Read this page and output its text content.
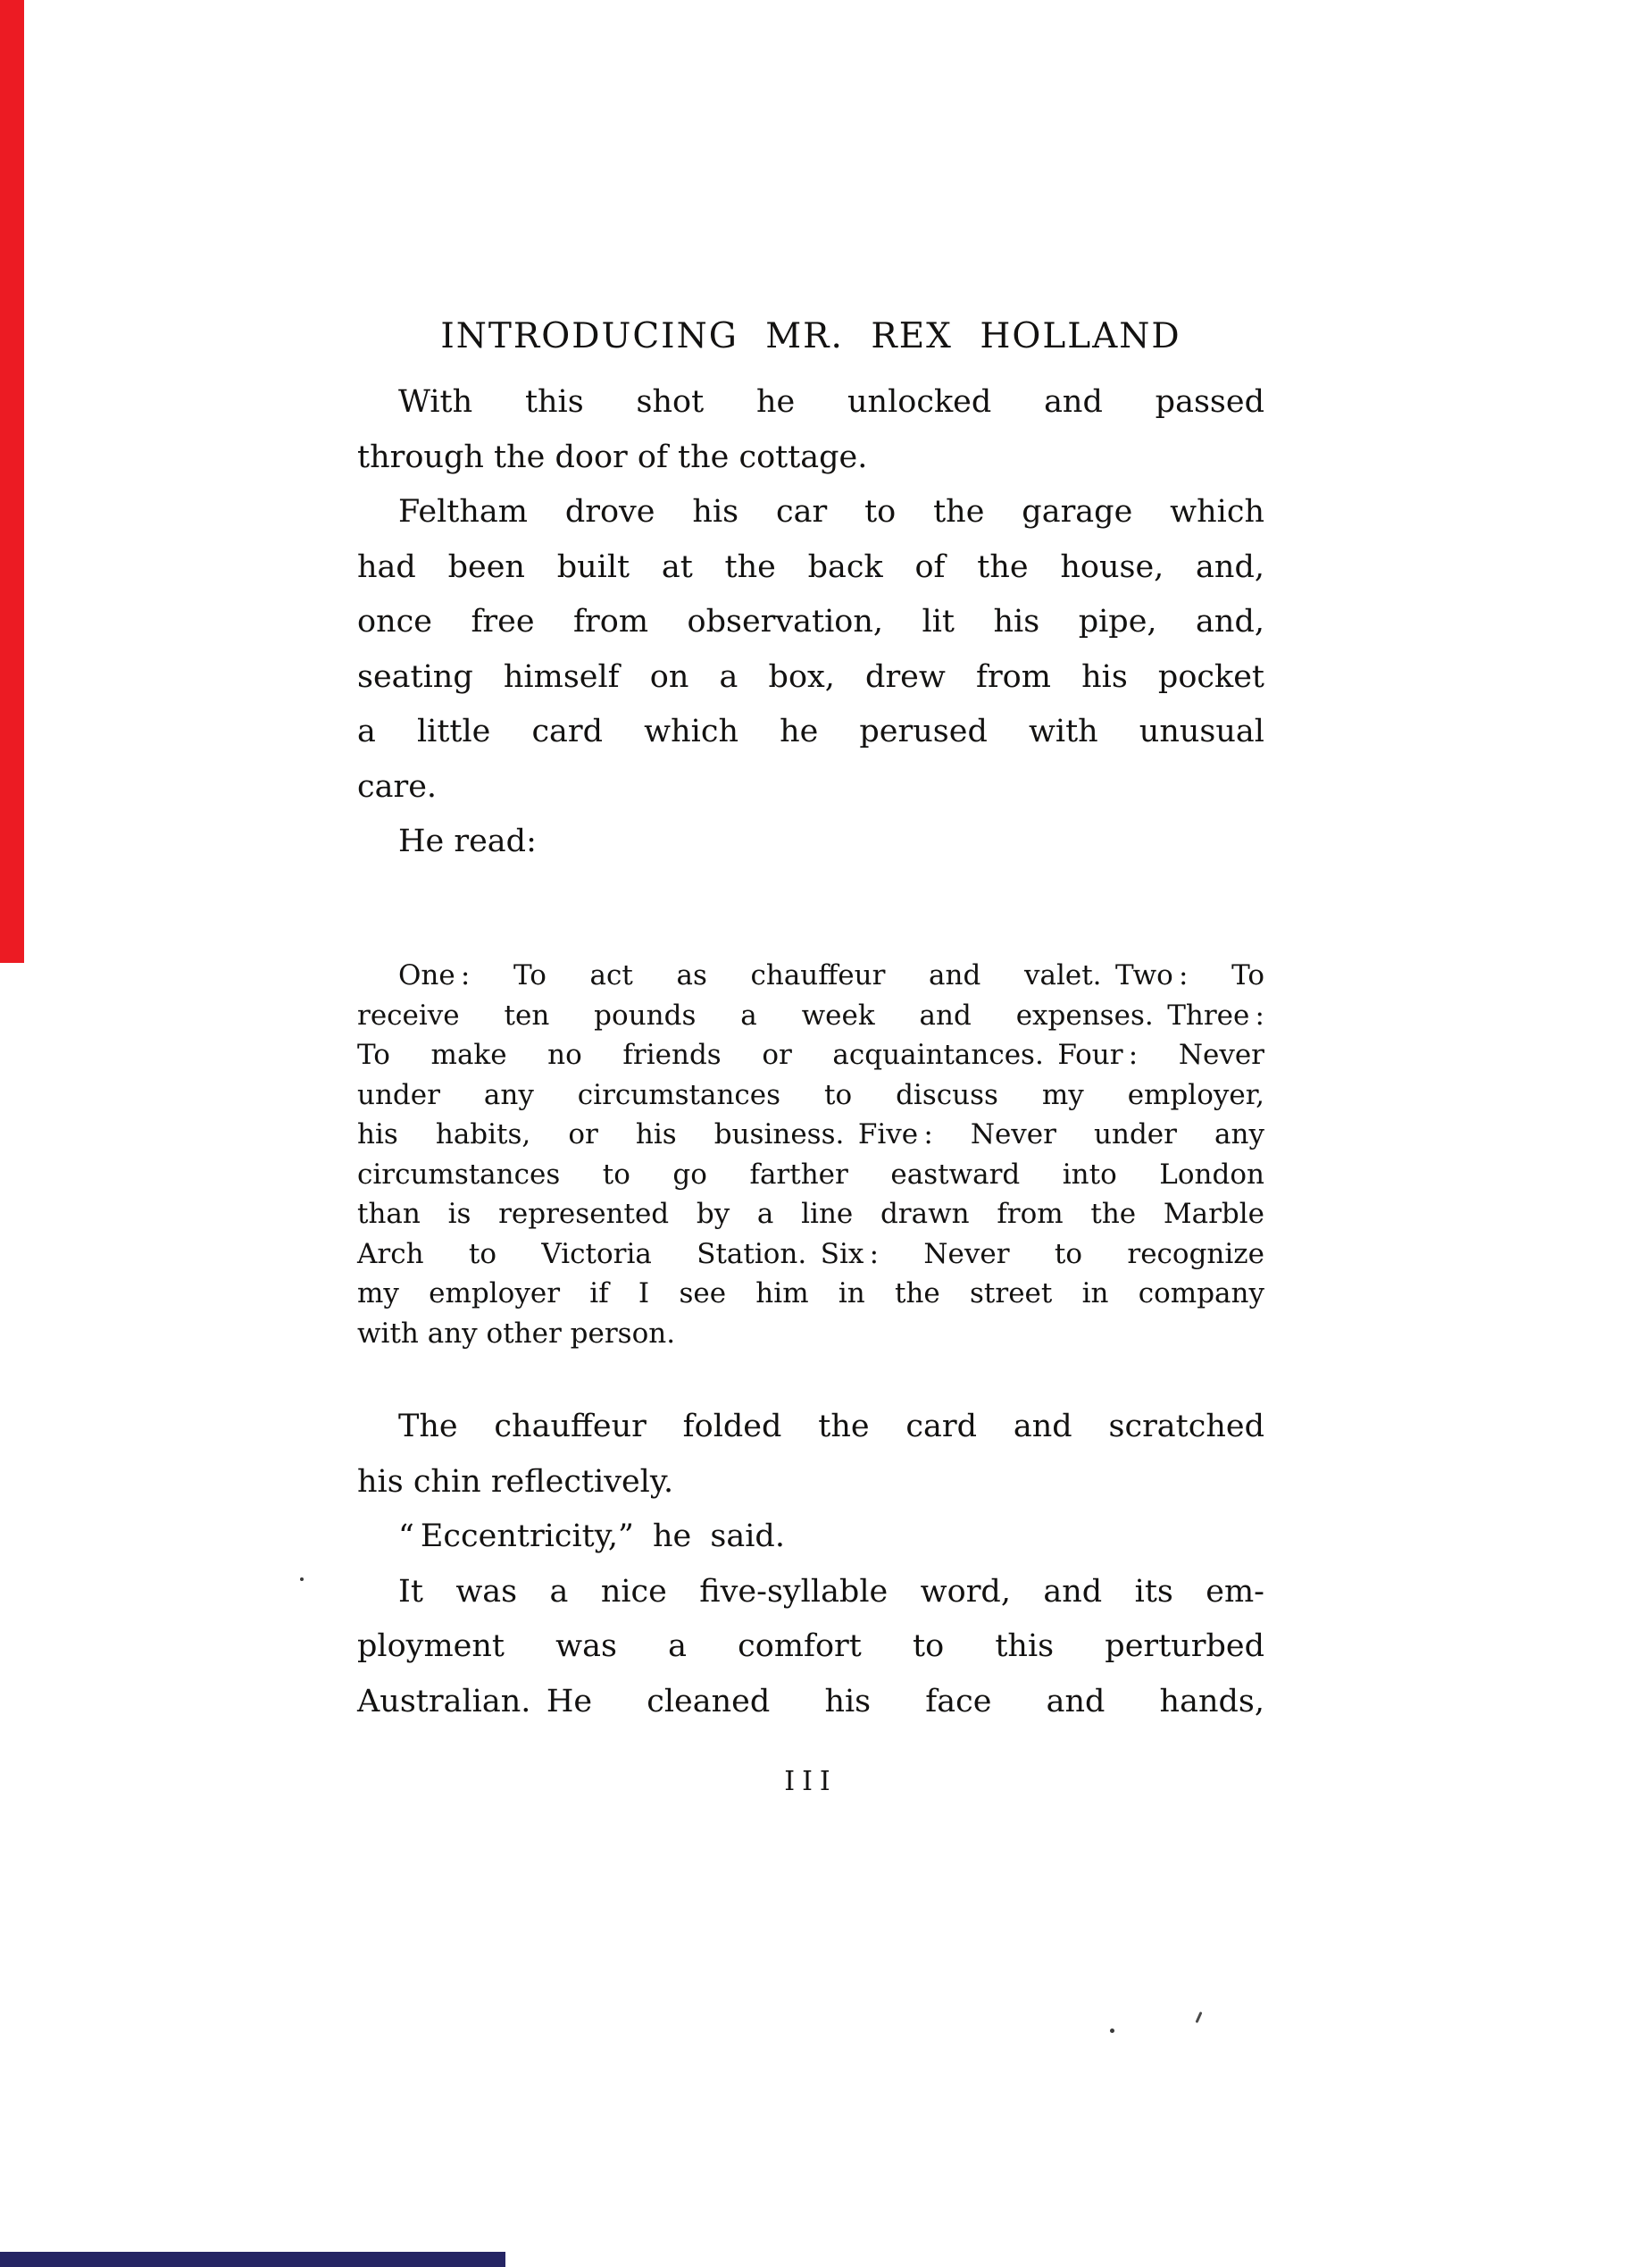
INTRODUCING MR. REX HOLLAND
With this shot he unlocked and passed
through the door of the cottage.
Feltham drove his car to the garage which
had been built at the back of the house, and,
once free from observation, lit his pipe, and,
seating himself on a box, drew from his pocket
a little card which he perused with unusual
care.
He read:
One : To act as chauffeur and valet. Two : To
receive ten pounds a week and expenses. Three :
To make no friends or acquaintances. Four : Never
under any circumstances to discuss my employer,
his habits, or his business. Five : Never under any
circumstances to go farther eastward into London
than is represented by a line drawn from the Marble
Arch to Victoria Station. Six : Never to recognize
my employer if I see him in the street in company
with any other person.
The chauffeur folded the card and scratched
his chin reflectively.
“ Eccentricity,” he said.
It was a nice five-syllable word, and its em-
ployment was a comfort to this perturbed
Australian. He cleaned his face and hands,
III
